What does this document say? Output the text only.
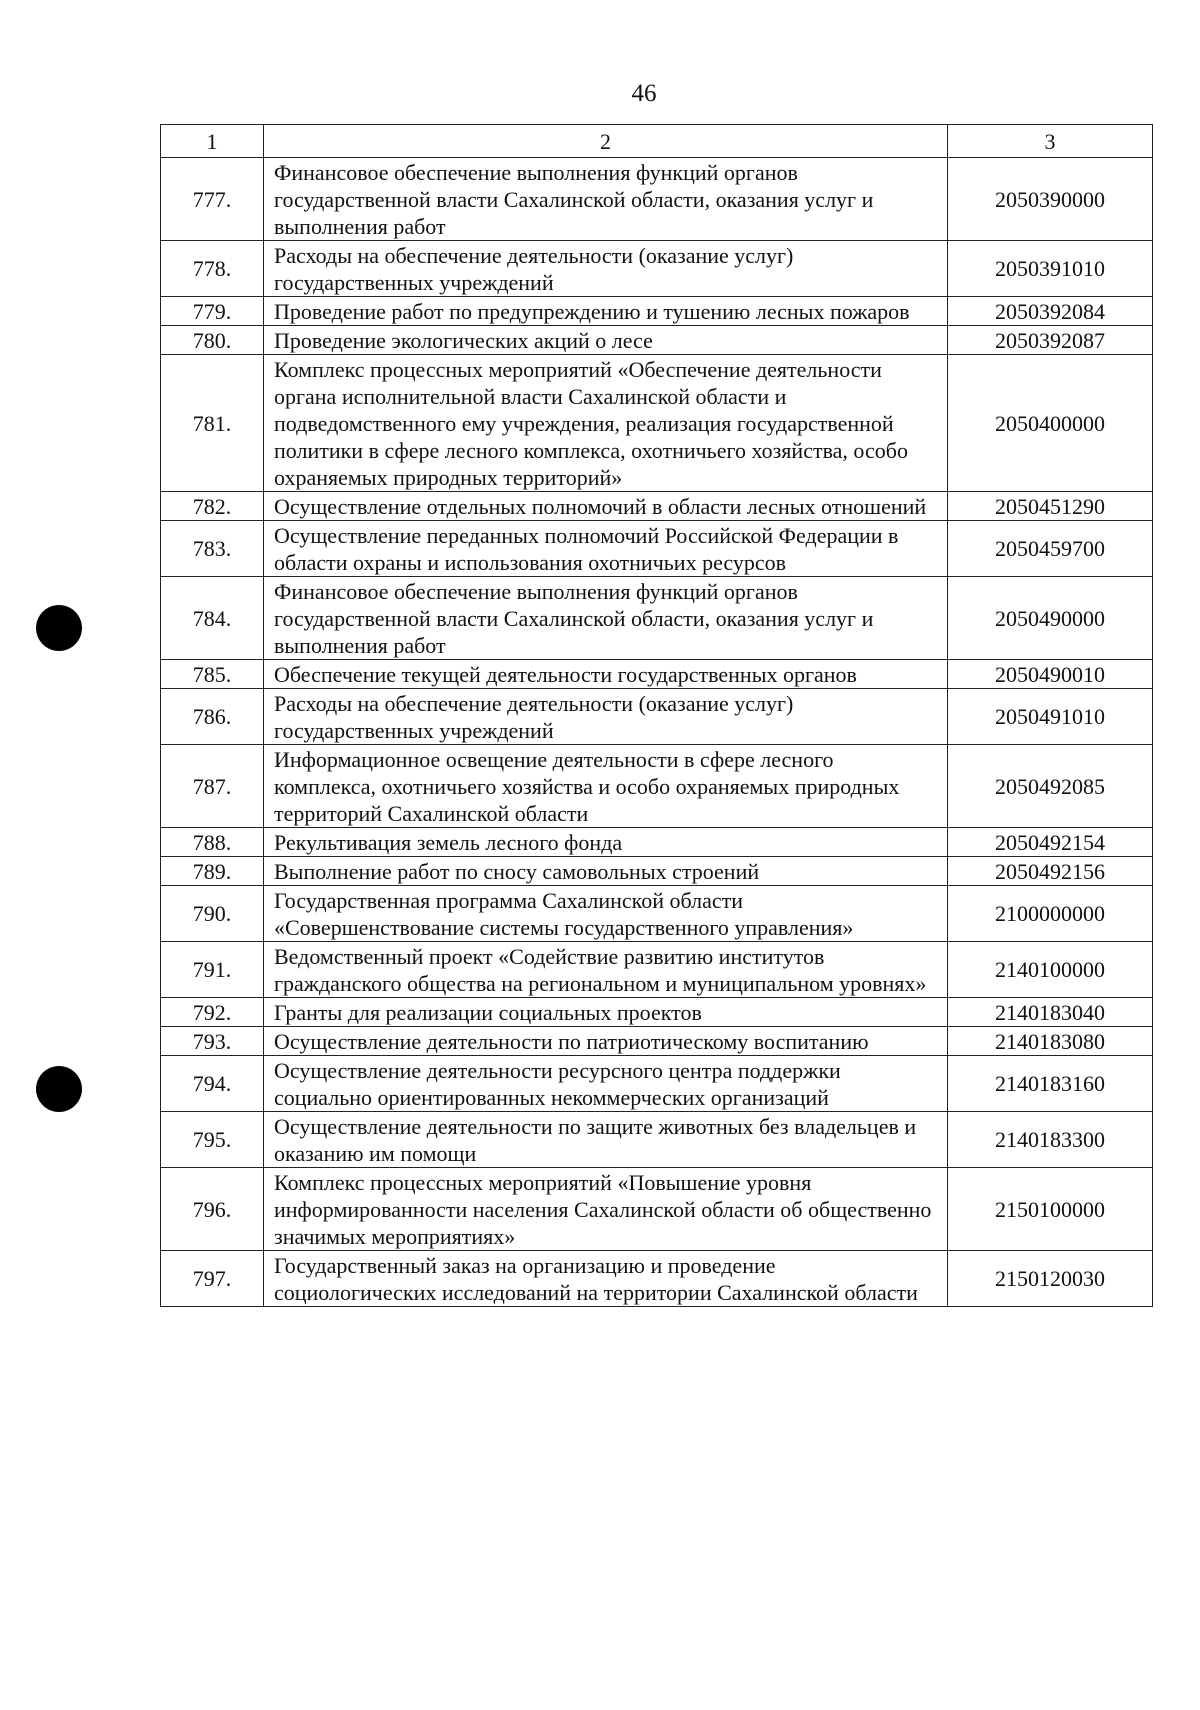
46
1	2	3
777.	Финансовое обеспечение выполнения функций органов государственной власти Сахалинской области, оказания услуг и выполнения работ	2050390000
778.	Расходы на обеспечение деятельности (оказание услуг) государственных учреждений	2050391010
779.	Проведение работ по предупреждению и тушению лесных пожаров	2050392084
780.	Проведение экологических акций о лесе	2050392087
781.	Комплекс процессных мероприятий «Обеспечение деятельности органа исполнительной власти Сахалинской области и подведомственного ему учреждения, реализация государственной политики в сфере лесного комплекса, охотничьего хозяйства, особо охраняемых природных территорий»	2050400000
782.	Осуществление отдельных полномочий в области лесных отношений	2050451290
783.	Осуществление переданных полномочий Российской Федерации в области охраны и использования охотничьих ресурсов	2050459700
784.	Финансовое обеспечение выполнения функций органов государственной власти Сахалинской области, оказания услуг и выполнения работ	2050490000
785.	Обеспечение текущей деятельности государственных органов	2050490010
786.	Расходы на обеспечение деятельности (оказание услуг) государственных учреждений	2050491010
787.	Информационное освещение деятельности в сфере лесного комплекса, охотничьего хозяйства и особо охраняемых природных территорий Сахалинской области	2050492085
788.	Рекультивация земель лесного фонда	2050492154
789.	Выполнение работ по сносу самовольных строений	2050492156
790.	Государственная программа Сахалинской области «Совершенствование системы государственного управления»	2100000000
791.	Ведомственный проект «Содействие развитию институтов гражданского общества на региональном и муниципальном уровнях»	2140100000
792.	Гранты для реализации социальных проектов	2140183040
793.	Осуществление деятельности по патриотическому воспитанию	2140183080
794.	Осуществление деятельности ресурсного центра поддержки социально ориентированных некоммерческих организаций	2140183160
795.	Осуществление деятельности по защите животных без владельцев и оказанию им помощи	2140183300
796.	Комплекс процессных мероприятий «Повышение уровня информированности населения Сахалинской области об общественно значимых мероприятиях»	2150100000
797.	Государственный заказ на организацию и проведение социологических исследований на территории Сахалинской области	2150120030
